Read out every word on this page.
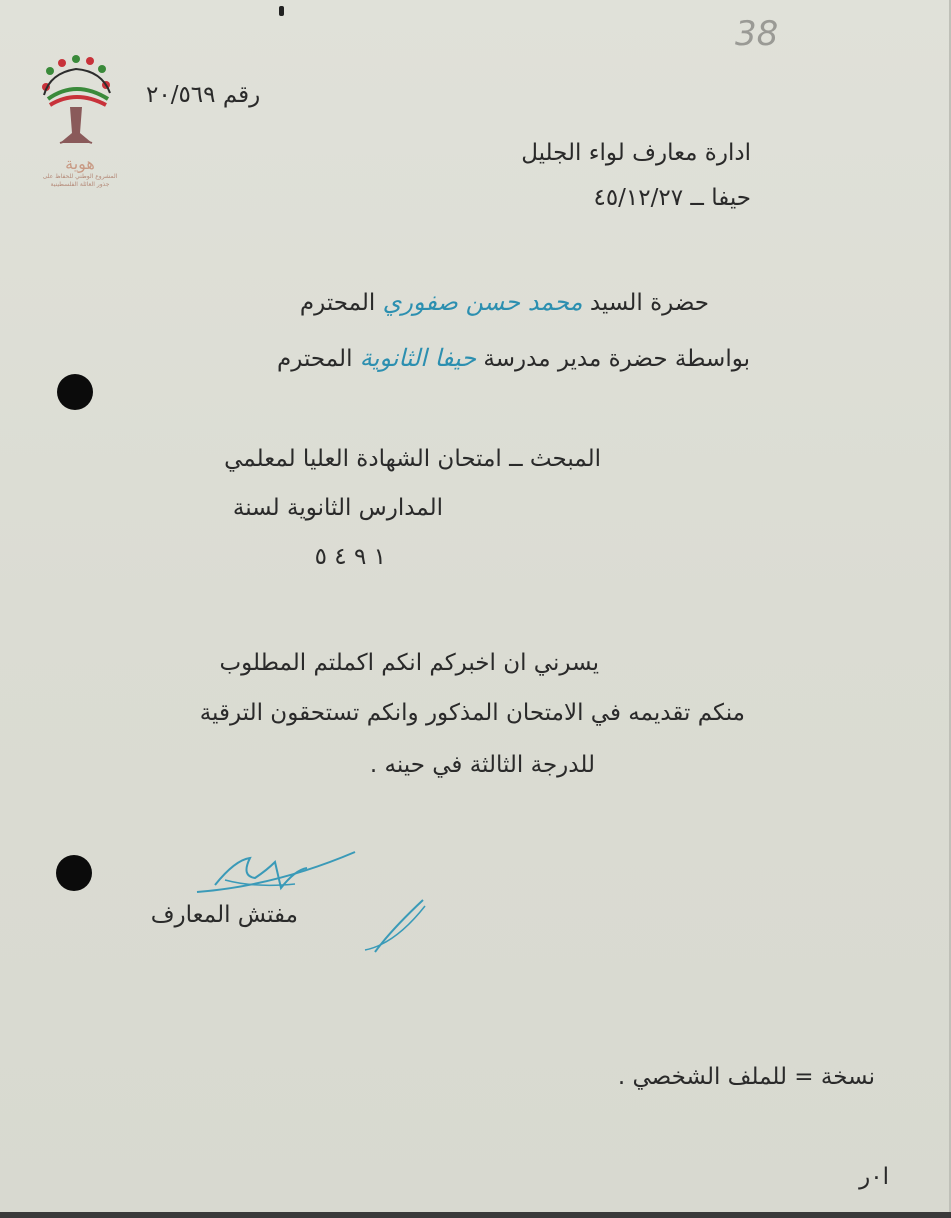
هوية
المشروع الوطني للحفاظ على
جذور العائلة الفلسطينية
38
رقم ٢٠/٥٦٩
ادارة معارف لواء الجليل
حيفا ــ ٤٥/١٢/٢٧
حضرة السيد محمد حسن صفوري المحترم
بواسطة حضرة مدير مدرسة حيفا الثانوية المحترم
المبحث ــ امتحان الشهادة العليا لمعلمي
المدارس الثانوية لسنة
١ ٩ ٤ ٥
يسرني ان اخبركم انكم اكملتم المطلوب
منكم تقديمه في الامتحان المذكور وانكم تستحقون الترقية
للدرجة الثالثة في حينه .
مفتش المعارف
نسخة = للملف الشخصي .
ا٠ر
